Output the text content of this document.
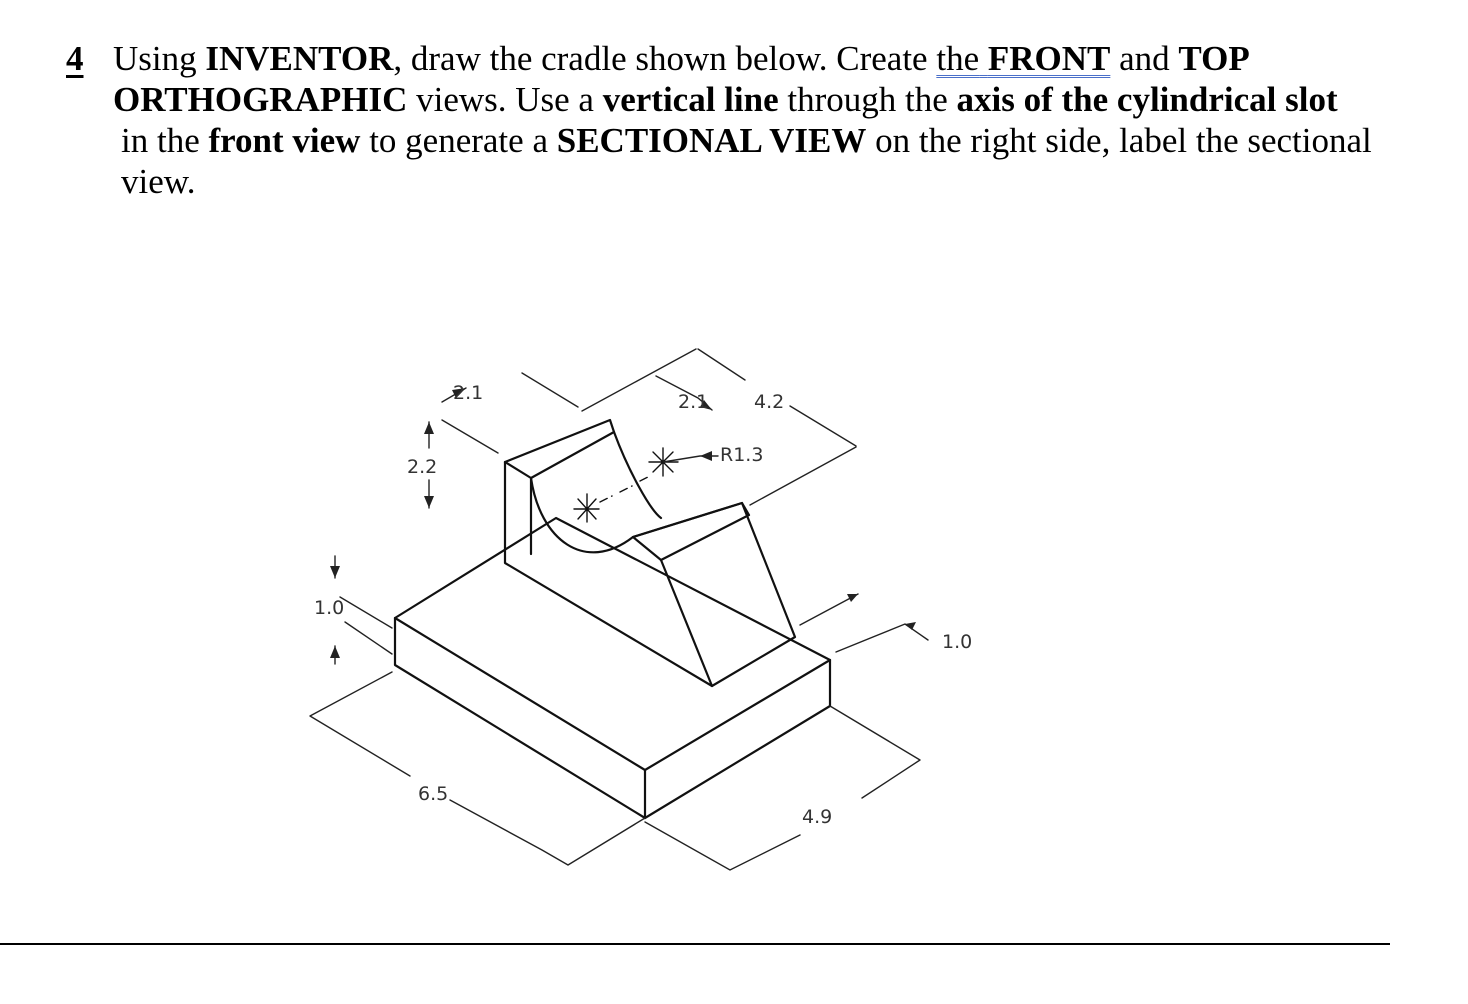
4 Using INVENTOR, draw the cradle shown below. Create the FRONT and TOP
ORTHOGRAPHIC views. Use a vertical line through the axis of the cylindrical slot
in the front view to generate a SECTIONAL VIEW on the right side, label the sectional
view.
2.1	2.1 4.2
R1.3
2.2
1.0
1.0
6.5
4.9
